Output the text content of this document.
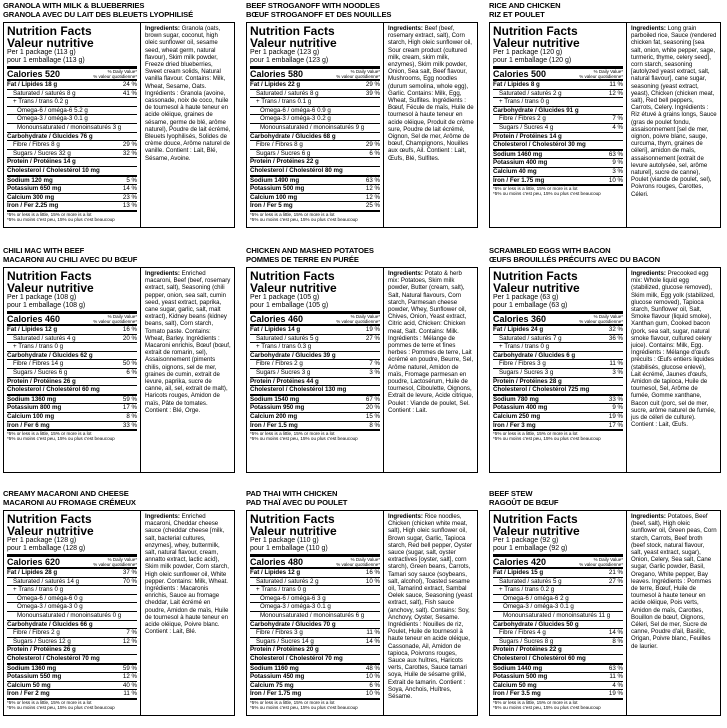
GRANOLA WITH MILK & BLUEBERRIES
GRANOLA AVEC DU LAIT DES BLEUETS LYOPHILISÉ
Nutrition Facts
Valeur nutritive
Per 1 package (113 g)
pour 1 emballage (113 g)
Calories 520	% Daily Value*
% valeur quotidienne*
Fat / Lipides 18 g	24 %
Saturated / saturés 8 g	41 %
+ Trans / trans 0.2 g
Omega-6 / oméga-6 5.2 g
Omega-3 / oméga-3 0.1 g
Monounsaturated / monoinsaturés 3 g
Carbohydrate / Glucides 76 g
Fibre / Fibres 8 g	29 %
Sugars / Sucres 32 g	32 %
Protein / Protéines 14 g
Cholesterol / Cholestérol 10 mg
Sodium 120 mg	5 %
Potassium 650 mg	14 %
Calcium 300 mg	23 %
Iron / Fer 2.25 mg	13 %
*5% or less is a little, 15% or more is a lot
*5% ou moins c'est peu, 15% ou plus c'est beaucoup
Ingredients: Granola (oats, brown sugar, coconut, high oleic sunflower oil, sesame seed, wheat germ, natural flavour), Skim milk powder, Freeze dried blueberries, Sweet cream solids, Natural vanilla flavour. Contains: Milk, Wheat, Sesame, Oats. Ingrédients : Granola (avoine, cassonade, noix de coco, huile de tournesol à haute teneur en acide oléique, graines de sésame, germe de blé, arôme naturel), Poudre de lait écrémé, Bleuets lyophilisés, Solides de crème douce, Arôme naturel de vanille. Contient : Lait, Blé, Sésame, Avoine.
BEEF STROGANOFF WITH NOODLES
BŒUF STROGANOFF ET DES NOUILLES
Nutrition Facts
Valeur nutritive
Per 1 package (123 g)
pour 1 emballage (123 g)
Calories 580	% Daily Value*
% valeur quotidienne*
Fat / Lipides 22 g	29 %
Saturated / saturés 8 g	39 %
+ Trans / trans 0.1 g
Omega-6 / oméga-6 0.9 g
Omega-3 / oméga-3 0.2 g
Monounsaturated / monoinsaturés 9 g
Carbohydrate / Glucides 68 g
Fibre / Fibres 8 g	29 %
Sugars / Sucres 6 g	6 %
Protein / Protéines 22 g
Cholesterol / Cholestérol 80 mg
Sodium 1490 mg	63 %
Potassium 500 mg	12 %
Calcium 100 mg	12 %
Iron / Fer 5 mg	25 %
*5% or less is a little, 15% or more is a lot
*5% ou moins c'est peu, 15% ou plus c'est beaucoup
Ingredients: Beef (beef, rosemary extract, salt), Corn starch, High oleic sunflower oil, Sour cream product (cultured milk, cream, skim milk, enzymes), Skim milk powder, Onion, Sea salt, Beef flavour, Mushrooms, Egg noodles (durum semolina, whole egg), Garlic. Contains: Milk, Egg, Wheat, Sulfites. Ingrédients : Bœuf, Fécule de maïs, Huile de tournesol à haute teneur en acide oléique, Produit de crème sure, Poudre de lait écrémé, Oignon, Sel de mer, Arôme de bœuf, Champignons, Nouilles aux œufs, Ail. Contient : Lait, Œufs, Blé, Sulfites.
RICE AND CHICKEN
RIZ ET POULET
Nutrition Facts
Valeur nutritive
Per 1 package (120 g)
pour 1 emballage (120 g)
Calories 500	% Daily Value*
% valeur quotidienne*
Fat / Lipides 8 g	11 %
Saturated / saturés 2 g	12 %
+ Trans / trans 0 g
Carbohydrate / Glucides 91 g
Fibre / Fibres 2 g	7 %
Sugars / Sucres 4 g	4 %
Protein / Protéines 14 g
Cholesterol / Cholestérol 30 mg
Sodium 1460 mg	63 %
Potassium 400 mg	9 %
Calcium 40 mg	3 %
Iron / Fer 1.75 mg	10 %
*5% or less is a little, 15% or more is a lot
*5% ou moins c'est peu, 15% ou plus c'est beaucoup
Ingredients: Long grain parboiled rice, Sauce (rendered chicken fat, seasoning [sea salt, onion, white pepper, sage, turmeric, thyme, celery seed], corn starch, seasoning [autolyzed yeast extract, salt, natural flavour], cane sugar, seasoning (yeast extract, yeast), Chicken (chicken meat, salt), Red bell peppers, Carrots, Celery. Ingrédients : Riz étuvé à grains longs, Sauce (gras de poulet fondu, assaisonnement [sel de mer, oignon, poivre blanc, sauge, curcuma, thym, graines de céleri], amidon de maïs, assaisonnement [extrait de levure autolysée, sel, arôme naturel], sucre de canne), Poulet (viande de poulet, sel), Poivrons rouges, Carottes, Céleri.
CHILI MAC WITH BEEF
MACARONI AU CHILI AVEC DU BŒUF
Nutrition Facts
Valeur nutritive
Per 1 package (108 g)
pour 1 emballage (108 g)
Calories 460	% Daily Value*
% valeur quotidienne*
Fat / Lipides 12 g	16 %
Saturated / saturés 4 g	20 %
+ Trans / trans 0 g
Carbohydrate / Glucides 62 g
Fibre / Fibres 14 g	50 %
Sugars / Sucres 6 g	6 %
Protein / Protéines 26 g
Cholesterol / Cholestérol 60 mg
Sodium 1360 mg	59 %
Potassium 800 mg	17 %
Calcium 100 mg	8 %
Iron / Fer 6 mg	33 %
*5% or less is a little, 15% or more is a lot
*5% ou moins c'est peu, 15% ou plus c'est beaucoup
Ingredients: Enriched macaroni, Beef (beef, rosemary extract, salt), Seasoning (chili pepper, onion, sea salt, cumin seed, yeast extract, paprika, cane sugar, garlic, salt, malt extract), Kidney beans (kidney beans, salt), Corn starch, Tomato paste. Contains: Wheat, Barley. Ingrédients : Macaroni enrichis, Bœuf (bœuf, extrait de romarin, sel), Assaisonnement (piments chilis, oignons, sel de mer, graines de cumin, extrait de levure, paprika, sucre de canne, ail, sel, extrait de malt), Haricots rouges, Amidon de maïs, Pâte de tomates. Contient : Blé, Orge.
CHICKEN AND MASHED POTATOES
POMMES DE TERRE EN PURÉE
Nutrition Facts
Valeur nutritive
Per 1 package (105 g)
pour 1 emballage (105 g)
Calories 460	% Daily Value*
% valeur quotidienne*
Fat / Lipides 14 g	19 %
Saturated / saturés 5 g	27 %
+ Trans / trans 0.3 g
Carbohydrate / Glucides 39 g
Fibre / Fibres 2 g	7 %
Sugars / Sucres 3 g	3 %
Protein / Protéines 44 g
Cholesterol / Cholestérol 130 mg
Sodium 1540 mg	67 %
Potassium 950 mg	20 %
Calcium 200 mg	15 %
Iron / Fer 1.5 mg	8 %
*5% or less is a little, 15% or more is a lot
*5% ou moins c'est peu, 15% ou plus c'est beaucoup
Ingredients: Potato & herb mix: Potatoes, Skim milk powder, Butter (cream, salt), Salt, Natural flavours, Corn starch, Parmesan cheese powder, Whey, Sunflower oil, Chives, Onion, Yeast extract, Citric acid, Chicken: Chicken meat, Salt. Contains: Milk. Ingrédients : Mélange de pommes de terre et fines herbes : Pommes de terre, Lait écrémé en poudre, Beurre, Sel, Arôme naturel, Amidon de maïs, Fromage parmesan en poudre, Lactosérum, Huile de tournesol, Ciboulette, Oignons, Extrait de levure, Acide citrique, Poulet : Viande de poulet, Sel. Contient : Lait.
SCRAMBLED EGGS WITH BACON
ŒUFS BROUILLÉS PRÉCUITS AVEC DU BACON
Nutrition Facts
Valeur nutritive
Per 1 package (63 g)
pour 1 emballage (63 g)
Calories 360	% Daily Value*
% valeur quotidienne*
Fat / Lipides 24 g	32 %
Saturated / saturés 7 g	36 %
+ Trans / trans 0 g
Carbohydrate / Glucides 6 g
Fibre / Fibres 3 g	11 %
Sugars / Sucres 3 g	3 %
Protein / Protéines 28 g
Cholesterol / Cholestérol 725 mg
Sodium 780 mg	33 %
Potassium 400 mg	9 %
Calcium 250 mg	19 %
Iron / Fer 3 mg	17 %
*5% or less is a little, 15% or more is a lot
*5% ou moins c'est peu, 15% ou plus c'est beaucoup
Ingredients: Precooked egg mix: Whole liquid egg (stabilized, glucose removed), Skim milk, Egg yolk (stabilized, glucose removed), Tapioca starch, Sunflower oil, Salt, Smoke flavour (liquid smoke), Xanthan gum, Cooked bacon (pork, sea salt, sugar, natural smoke flavour, cultured celery juice). Contains: Milk, Egg. Ingrédients : Mélange d'œufs précuits : Œufs entiers liquides (stabilisés, glucose enlevé), Lait écrémé, Jaunes d'œufs, Amidon de tapioca, Huile de tournesol, Sel, Arôme de fumée, Gomme xanthane, Bacon cuit (porc, sel de mer, sucre, arôme naturel de fumée, jus de céleri de culture). Contient : Lait, Œufs.
CREAMY MACARONI AND CHEESE
MACARONI AU FROMAGE CRÉMEUX
Nutrition Facts
Valeur nutritive
Per 1 package (128 g)
pour 1 emballage (128 g)
Calories 620	% Daily Value*
% valeur quotidienne*
Fat / Lipides 28 g	37 %
Saturated / saturés 14 g	70 %
+ Trans / trans 0 g
Omega-6 / oméga-6 0 g
Omega-3 / oméga-3 0 g
Monounsaturated / monoinsaturés 0 g
Carbohydrate / Glucides 66 g
Fibre / Fibres 2 g	7 %
Sugars / Sucres 12 g	12 %
Protein / Protéines 26 g
Cholesterol / Cholestérol 70 mg
Sodium 1360 mg	59 %
Potassium 550 mg	12 %
Calcium 50 mg	40 %
Iron / Fer 2 mg	11 %
*5% or less is a little, 15% or more is a lot
*5% ou moins c'est peu, 15% ou plus c'est beaucoup
Ingredients: Enriched macaroni, Cheddar cheese sauce (cheddar cheese [milk, salt, bacterial cultures, enzymes], whey, buttermilk, salt, natural flavour, cream, annatto extract, lactic acid), Skim milk powder, Corn starch, High oleic sunflower oil, White pepper. Contains: Milk, Wheat. Ingrédients : Macaronis enrichis, Sauce au fromage cheddar, Lait écrémé en poudre, Amidon de maïs, Huile de tournesol à haute teneur en acide oléique, Poivre blanc. Contient : Lait, Blé.
PAD THAI WITH CHICKEN
PAD THAÏ AVEC DU POULET
Nutrition Facts
Valeur nutritive
Per 1 package (110 g)
pour 1 emballage (110 g)
Calories 480	% Daily Value*
% valeur quotidienne*
Fat / Lipides 12 g	16 %
Saturated / saturés 2 g	10 %
+ Trans / trans 0 g
Omega-6 / oméga-6 3 g
Omega-3 / oméga-3 0.1 g
Monounsaturated / monoinsaturés 6 g
Carbohydrate / Glucides 70 g
Fibre / Fibres 3 g	11 %
Sugars / Sucres 14 g	14 %
Protein / Protéines 20 g
Cholesterol / Cholestérol 70 mg
Sodium 1160 mg	48 %
Potassium 450 mg	10 %
Calcium 75 mg	6 %
Iron / Fer 1.75 mg	10 %
*5% or less is a little, 15% or more is a lot
*5% ou moins c'est peu, 15% ou plus c'est beaucoup
Ingredients: Rice noodles, Chicken (chicken white meat, salt), High oleic sunflower oil, Brown sugar, Garlic, Tapioca starch, Red bell pepper, Oyster sauce (sugar, salt, oyster extractives [oyster, salt], corn starch), Green beans, Carrots, Tamari soy sauce (soybeans, salt, alcohol), Toasted sesame oil, Tamarind extract, Sambal Oelek sauce, Seasoning (yeast extract, salt), Fish sauce (anchovy, salt). Contains: Soy, Anchovy, Oyster, Sesame. Ingrédients : Nouilles de riz, Poulet, Huile de tournesol à haute teneur en acide oléique, Cassonade, Ail, Amidon de tapioca, Poivrons rouges, Sauce aux huîtres, Haricots verts, Carottes, Sauce tamari soya, Huile de sésame grillé, Extrait de tamarin. Contient : Soya, Anchois, Huîtres, Sésame.
BEEF STEW
RAGOÛT DE BŒUF
Nutrition Facts
Valeur nutritive
Per 1 package (92 g)
pour 1 emballage (92 g)
Calories 420	% Daily Value*
% valeur quotidienne*
Fat / Lipides 15 g	21 %
Saturated / saturés 5 g	27 %
+ Trans / trans 0.2 g
Omega-6 / oméga-6 2 g
Omega-3 / oméga-3 0.1 g
Monounsaturated / monoinsaturés 11 g
Carbohydrate / Glucides 50 g
Fibre / Fibres 4 g	14 %
Sugars / Sucres 8 g	8 %
Protein / Protéines 22 g
Cholesterol / Cholestérol 60 mg
Sodium 1440 mg	63 %
Potassium 500 mg	11 %
Calcium 50 mg	4 %
Iron / Fer 3.5 mg	19 %
*5% or less is a little, 15% or more is a lot
*5% ou moins c'est peu, 15% ou plus c'est beaucoup
Ingredients: Potatoes, Beef (beef, salt), High oleic sunflower oil, Green peas, Corn starch, Carrots, Beef broth (beef stock, natural flavour, salt, yeast extract, sugar), Onion, Celery, Sea salt, Cane sugar, Garlic powder, Basil, Oregano, White pepper, Bay leaves. Ingrédients : Pommes de terre, Bœuf, Huile de tournesol à haute teneur en acide oléique, Pois verts, Amidon de maïs, Carottes, Bouillon de bœuf, Oignons, Céleri, Sel de mer, Sucre de canne, Poudre d'ail, Basilic, Origan, Poivre blanc, Feuilles de laurier.
